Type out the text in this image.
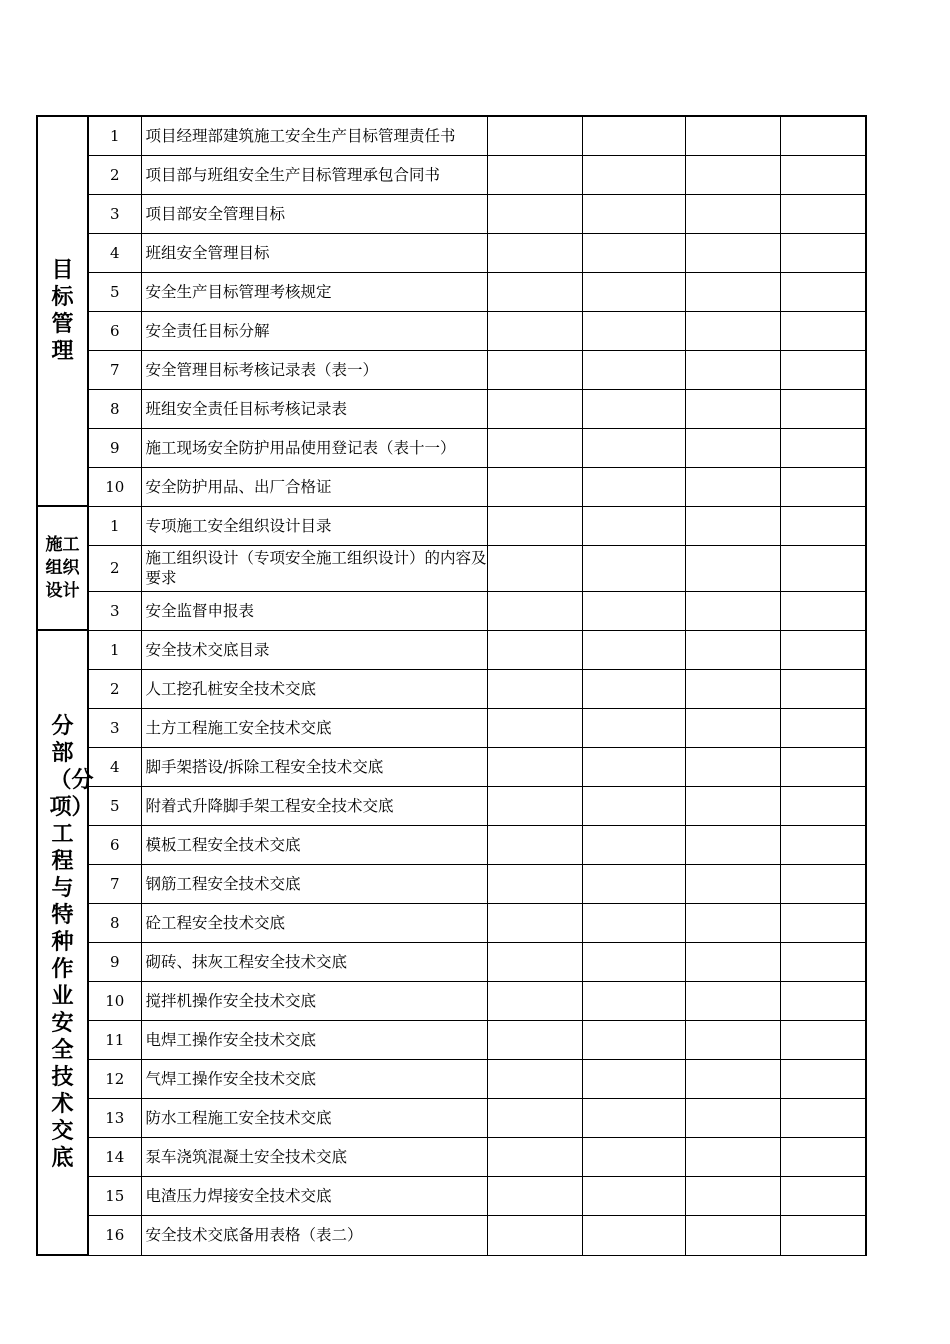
目标管理	1	项目经理部建筑施工安全生产目标管理责任书				
	2	项目部与班组安全生产目标管理承包合同书				
	3	项目部安全管理目标				
	4	班组安全管理目标				
	5	安全生产目标管理考核规定				
	6	安全责任目标分解				
	7	安全管理目标考核记录表（表一）				
	8	班组安全责任目标考核记录表				
	9	施工现场安全防护用品使用登记表（表十一）				
	10	安全防护用品、出厂合格证				
施工组织设计	1	专项施工安全组织设计目录				
	2	施工组织设计（专项安全施工组织设计）的内容及要求				
	3	安全监督申报表				
分部（分项）工程与特种作业安全技术交底	1	安全技术交底目录				
	2	人工挖孔桩安全技术交底				
	3	土方工程施工安全技术交底				
	4	脚手架搭设/拆除工程安全技术交底				
	5	附着式升降脚手架工程安全技术交底				
	6	模板工程安全技术交底				
	7	钢筋工程安全技术交底				
	8	砼工程安全技术交底				
	9	砌砖、抹灰工程安全技术交底				
	10	搅拌机操作安全技术交底				
	11	电焊工操作安全技术交底				
	12	气焊工操作安全技术交底				
	13	防水工程施工安全技术交底				
	14	泵车浇筑混凝土安全技术交底				
	15	电渣压力焊接安全技术交底				
	16	安全技术交底备用表格（表二）				
